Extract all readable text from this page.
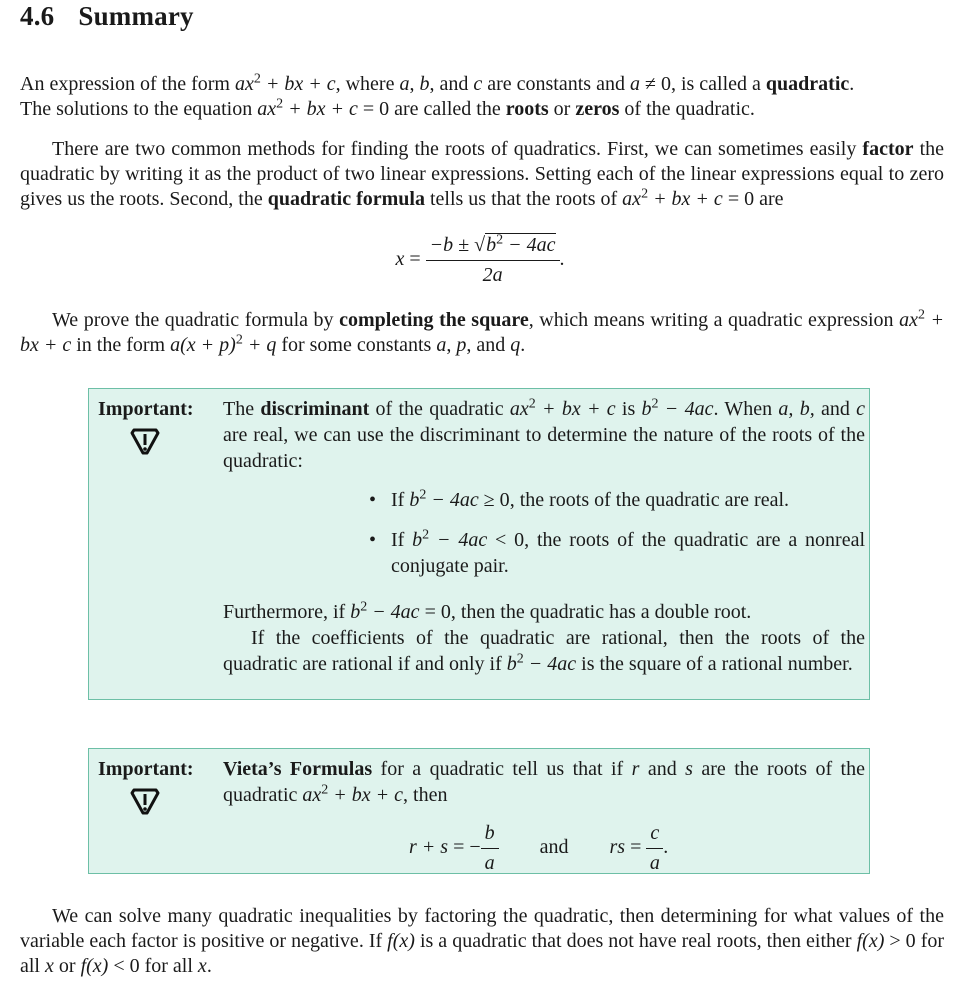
4.6 Summary

An expression of the form $ax^2$ + bx + c, where a, b, and c are constants and a ≠ 0, is called a quadratic.
The solutions to the equation $ax^2$ + bx + c = 0 are called the roots or zeros of the quadratic.

There are two common methods for finding the roots of quadratics. First, we can sometimes easily factor the quadratic by writing it as the product of two linear expressions. Setting each of the linear expressions equal to zero gives us the roots. Second, the quadratic formula tells us that the roots of $ax^2$ + bx + c = 0 are

$x = \frac{-b \pm √b^2 - 4ac}{2a}$ .

We prove the quadratic formula by completing the square, which means writing a quadratic expression $ax^2$ + bx + c in the form $a(x + p)^2 + q$ for some constants a, p, and q.

Important: The discriminant of the quadratic $ax^2$ + bx + c is $b^2 - 4ac$. When a, b, and c are real, we can use the discriminant to determine the nature of the roots of the quadratic:
• If $b^2 - 4ac \ge 0$, the roots of the quadratic are real.
• If $b^2 - 4ac < 0$, the roots of the quadratic are a nonreal conjugate pair.
Furthermore, if $b^2 - 4ac = 0$, then the quadratic has a double root.
If the coefficients of the quadratic are rational, then the roots of the quadratic are rational if and only if $b^2 - 4ac$ is the square of a rational number.
Important: Vieta’s Formulas for a quadratic tell us that if r and s are the roots of the quadratic $ax^2$ + bx + c, then
r + s = − $\frac{b}{a}$ and rs = $\frac{c}{a}$ .

We can solve many quadratic inequalities by factoring the quadratic, then determining for what values of the variable each factor is positive or negative. If f(x) is a quadratic that does not have real roots, then either f(x) > 0 for all x or f(x) < 0 for all x.
